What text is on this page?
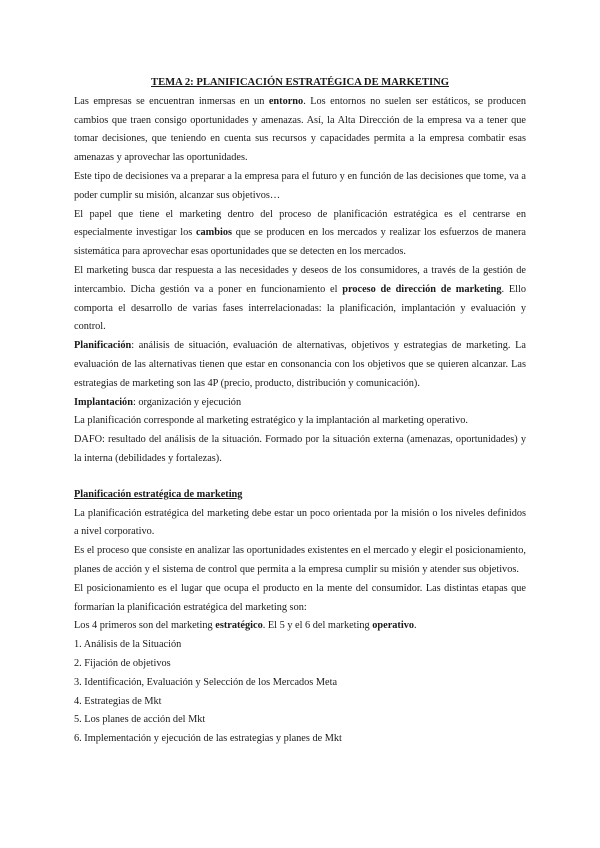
TEMA 2: PLANIFICACIÓN ESTRATÉGICA DE MARKETING

Las empresas se encuentran inmersas en un entorno. Los entornos no suelen ser estáticos, se producen cambios que traen consigo oportunidades y amenazas. Así, la Alta Dirección de la empresa va a tener que tomar decisiones, que teniendo en cuenta sus recursos y capacidades permita a la empresa combatir esas amenazas y aprovechar las oportunidades.

Este tipo de decisiones va a preparar a la empresa para el futuro y en función de las decisiones que tome, va a poder cumplir su misión, alcanzar sus objetivos…

El papel que tiene el marketing dentro del proceso de planificación estratégica es el centrarse en especialmente investigar los cambios que se producen en los mercados y realizar los esfuerzos de manera sistemática para aprovechar esas oportunidades que se detecten en los mercados.

El marketing busca dar respuesta a las necesidades y deseos de los consumidores, a través de la gestión de intercambio. Dicha gestión va a poner en funcionamiento el proceso de dirección de marketing. Ello comporta el desarrollo de varias fases interrelacionadas: la planificación, implantación y evaluación y control.

Planificación: análisis de situación, evaluación de alternativas, objetivos y estrategias de marketing. La evaluación de las alternativas tienen que estar en consonancia con los objetivos que se quieren alcanzar. Las estrategias de marketing son las 4P (precio, producto, distribución y comunicación).

Implantación: organización y ejecución

La planificación corresponde al marketing estratégico y la implantación al marketing operativo.

DAFO: resultado del análisis de la situación. Formado por la situación externa (amenazas, oportunidades) y la interna (debilidades y fortalezas).

Planificación estratégica de marketing

La planificación estratégica del marketing debe estar un poco orientada por la misión o los niveles definidos a nivel corporativo.

Es el proceso que consiste en analizar las oportunidades existentes en el mercado y elegir el posicionamiento, planes de acción y el sistema de control que permita a la empresa cumplir su misión y atender sus objetivos.

El posicionamiento es el lugar que ocupa el producto en la mente del consumidor. Las distintas etapas que formarían la planificación estratégica del marketing son:

Los 4 primeros son del marketing estratégico. El 5 y el 6 del marketing operativo.

1. Análisis de la Situación
2. Fijación de objetivos
3. Identificación, Evaluación y Selección de los Mercados Meta
4. Estrategias de Mkt
5. Los planes de acción del Mkt
6. Implementación y ejecución de las estrategias y planes de Mkt
